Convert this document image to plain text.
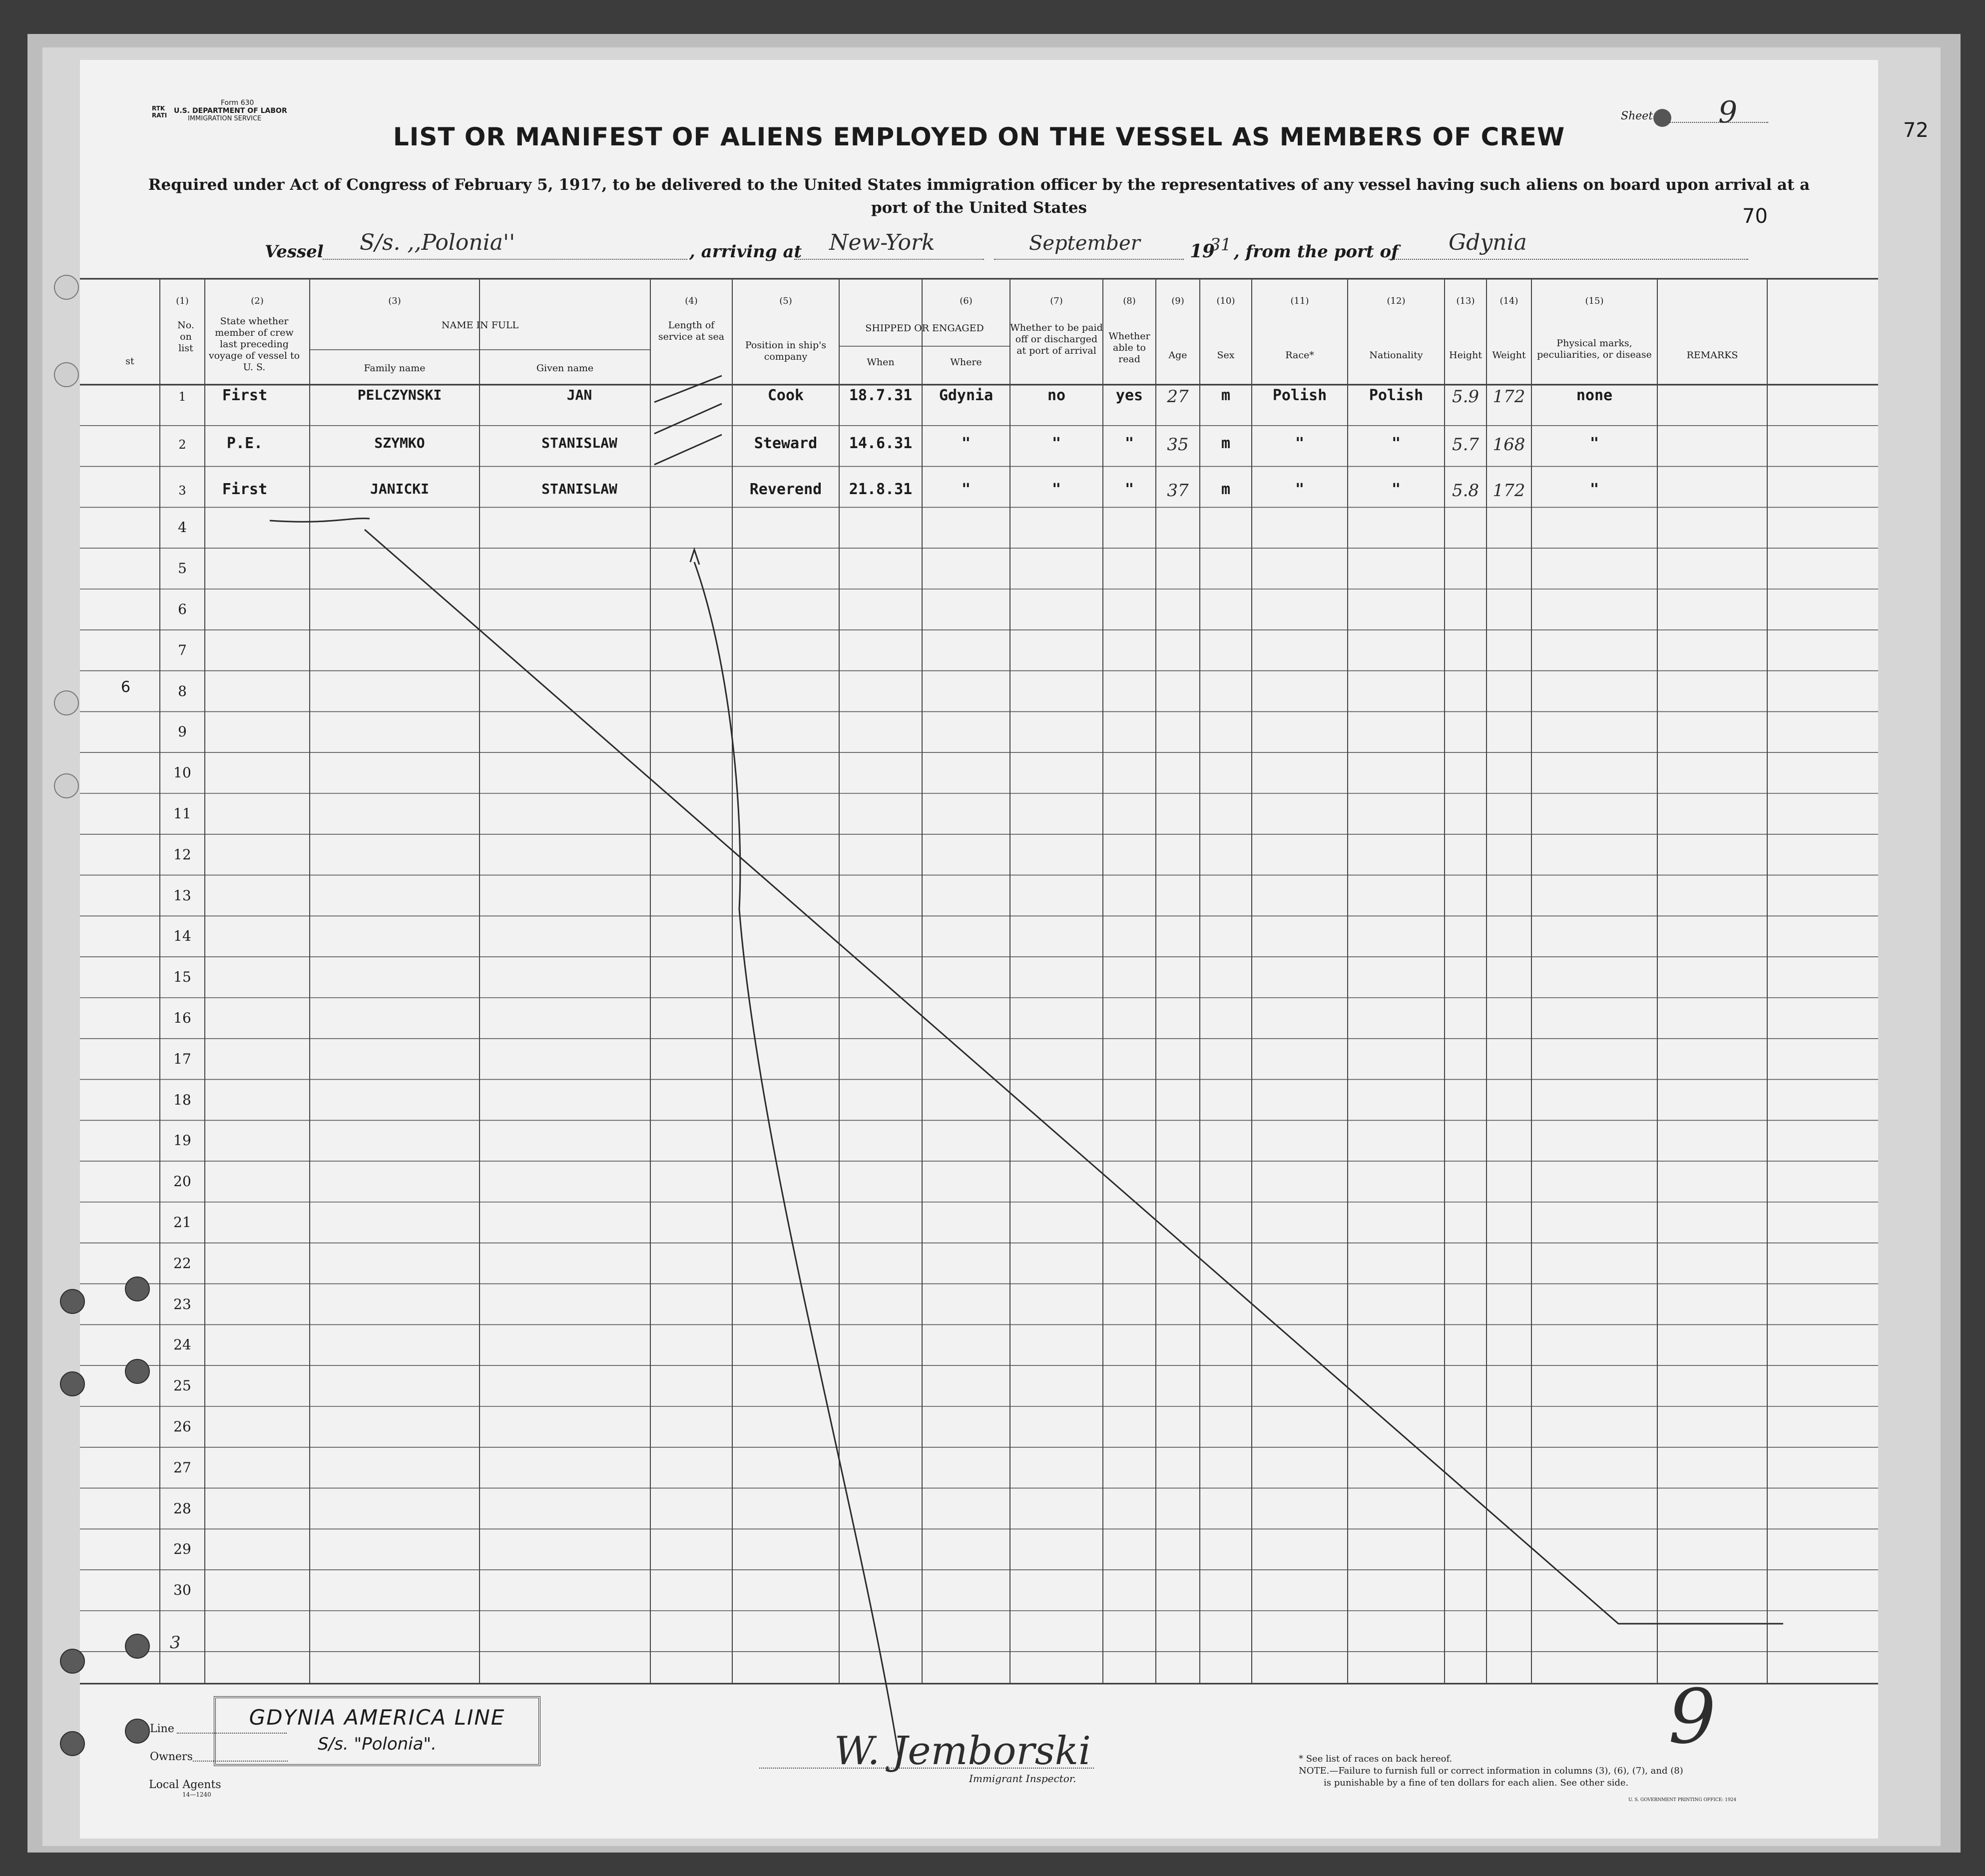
Form 630
U.S. DEPARTMENT OF LABOR
IMMIGRATION SERVICE
RTK
RATI	Sheet 9
72
70
LIST OR MANIFEST OF ALIENS EMPLOYED ON THE VESSEL AS MEMBERS OF CREW
Required under Act of Congress of February 5, 1917, to be delivered to the United States immigration officer by the representatives of any vessel having such aliens on board upon arrival at a
port of the United States
Vessel S/s. ,,Polonia''	, arriving at New-York	September	19
31 , from the port of Gdynia
(1)	(2)	(3)	(4)	(5)	(6)	(7)	(8)	(9)	(10)	(11)	(12)	(13)	(14)	(15)
No. on list
State whether member of crew last preceding voyage of vessel to U. S.
NAME IN FULL
Family name	Given name
Length of service at sea
Position in ship's company
SHIPPED OR ENGAGED
When	Where
Whether to be paid off or discharged at port of arrival
Whether able to read	Age	Sex	Race*	Nationality	Height	Weight
Physical marks, peculiarities, or disease	REMARKS
st
1	First	PELCZYNSKI	JAN	Cook	18.7.31	Gdynia	no	yes	27	m	Polish	Polish	5.9 172	none
2	P.E.	SZYMKO	STANISLAW	Steward	14.6.31	"	"	"	35	m	"	"	5.7 168	"
3	First	JANICKI	STANISLAW	Reverend	21.8.31	"	"	"	37	m	"	"	5.8 172	"
4
5
6
7
8
9
10
11
12
13
14
15
16
17
18
19
20
21
22
23
24
25
26
27
28
29
30
3
6
Line
Owners
Local Agents
14—1240
GDYNIA AMERICA LINE
S/s. "Polonia".	W. Jemborski
Immigrant Inspector.
9
* See list of races on back hereof.
NOTE.—Failure to furnish full or correct information in columns (3), (6), (7), and (8)
is punishable by a fine of ten dollars for each alien. See other side.
U. S. GOVERNMENT PRINTING OFFICE: 1924
